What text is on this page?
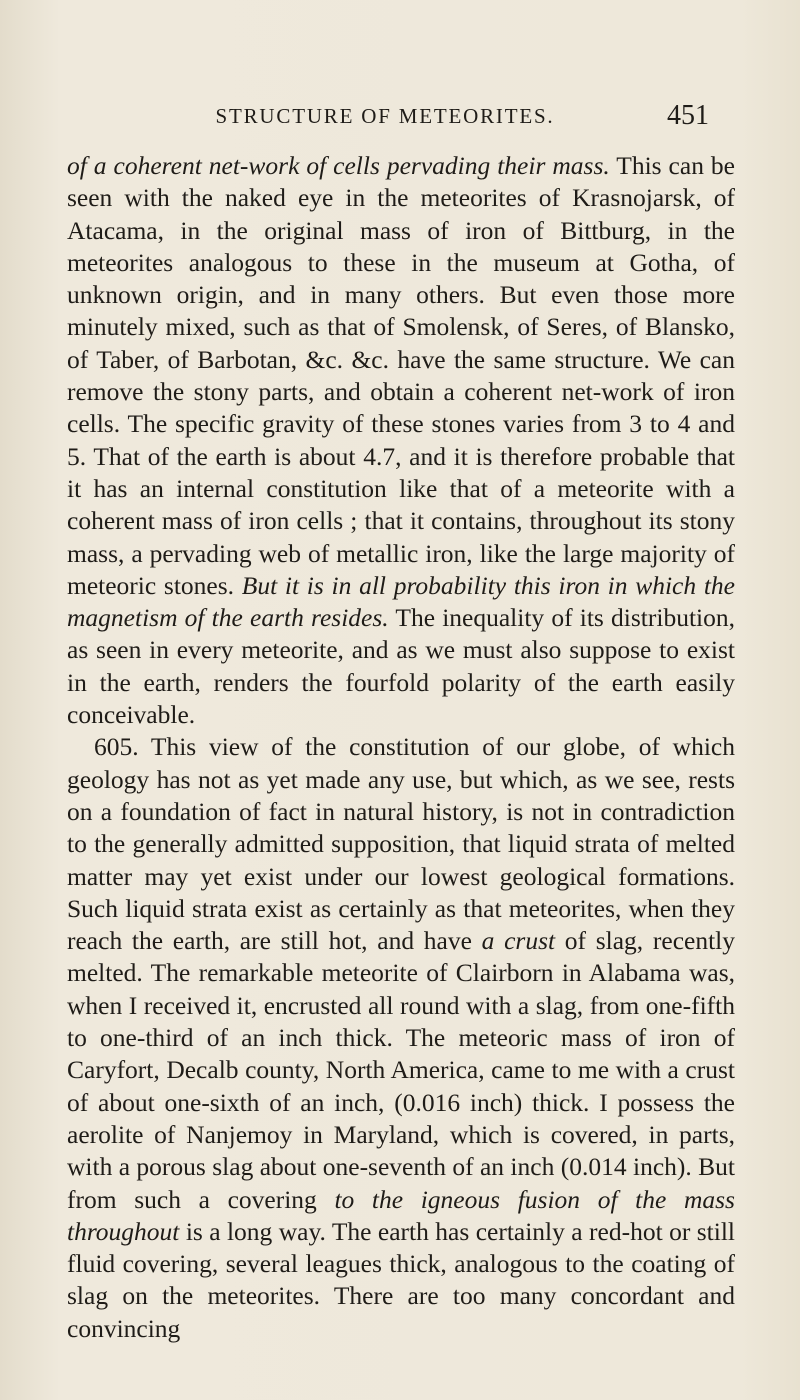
STRUCTURE OF METEORITES.	451

of a coherent net-work of cells pervading their mass. This can be seen with the naked eye in the meteorites of Krasnojarsk, of Atacama, in the original mass of iron of Bittburg, in the meteorites analogous to these in the museum at Gotha, of unknown origin, and in many others. But even those more minutely mixed, such as that of Smolensk, of Seres, of Blansko, of Taber, of Barbotan, &c. &c. have the same structure. We can remove the stony parts, and obtain a coherent net-work of iron cells. The specific gravity of these stones varies from 3 to 4 and 5. That of the earth is about 4.7, and it is therefore probable that it has an internal constitution like that of a meteorite with a coherent mass of iron cells ; that it contains, throughout its stony mass, a pervading web of metallic iron, like the large majority of meteoric stones. But it is in all probability this iron in which the magnetism of the earth resides. The inequality of its distribution, as seen in every meteorite, and as we must also suppose to exist in the earth, renders the fourfold polarity of the earth easily conceivable.

605. This view of the constitution of our globe, of which geology has not as yet made any use, but which, as we see, rests on a foundation of fact in natural history, is not in contradiction to the generally admitted supposition, that liquid strata of melted matter may yet exist under our lowest geological formations. Such liquid strata exist as certainly as that meteorites, when they reach the earth, are still hot, and have a crust of slag, recently melted. The remarkable meteorite of Clairborn in Alabama was, when I received it, encrusted all round with a slag, from one-fifth to one-third of an inch thick. The meteoric mass of iron of Caryfort, Decalb county, North America, came to me with a crust of about one-sixth of an inch, (0.016 inch) thick. I possess the aerolite of Nanjemoy in Maryland, which is covered, in parts, with a porous slag about one-seventh of an inch (0.014 inch). But from such a covering to the igneous fusion of the mass throughout is a long way. The earth has certainly a red-hot or still fluid covering, several leagues thick, analogous to the coating of slag on the meteorites. There are too many concordant and convincing
